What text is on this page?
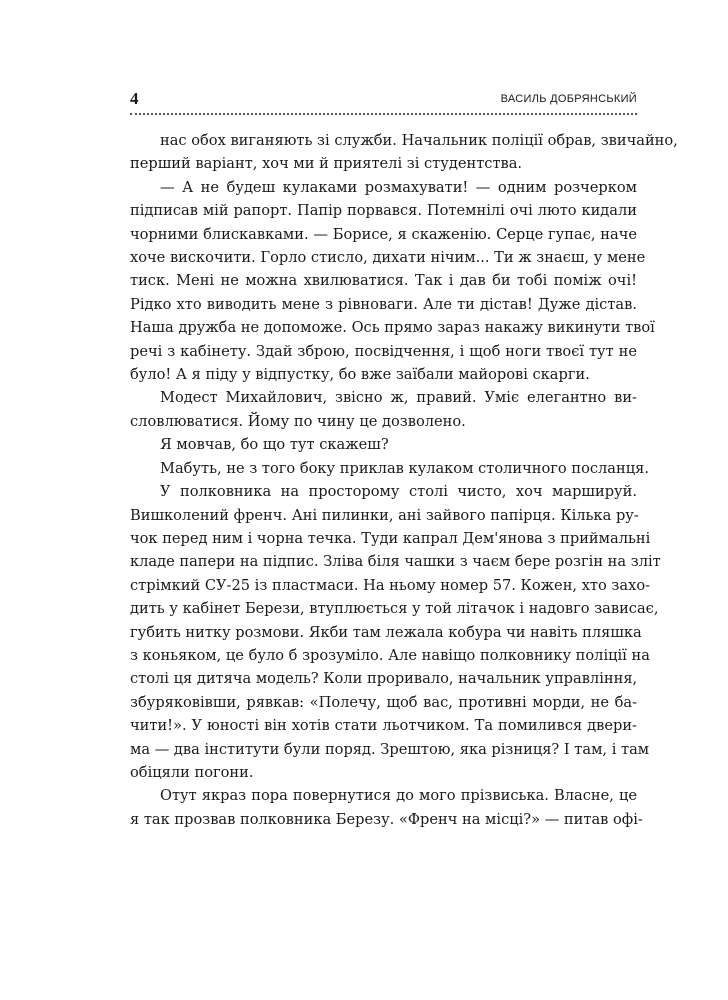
4	ВАСИЛЬ ДОБРЯНСЬКИЙ
нас обох виганяють зі служби. Начальник поліції обрав, звичайно,
перший варіант, хоч ми й приятелі зі студентства.
— А не будеш кулаками розмахувати! — одним розчерком
підписав мій рапорт. Папір порвався. Потемнілі очі люто кидали
чорними блискавками. — Борисе, я скаженію. Серце гупає, наче
хоче вискочити. Горло стисло, дихати нічим... Ти ж знаєш, у мене
тиск. Мені не можна хвилюватися. Так і дав би тобі поміж очі!
Рідко хто виводить мене з рівноваги. Але ти дістав! Дуже дістав.
Наша дружба не допоможе. Ось прямо зараз накажу викинути твої
речі з кабінету. Здай зброю, посвідчення, і щоб ноги твоєї тут не
було! А я піду у відпустку, бо вже заїбали майорові скарги.
Модест Михайлович, звісно ж, правий. Уміє елегантно ви-
словлюватися. Йому по чину це дозволено.
Я мовчав, бо що тут скажеш?
Мабуть, не з того боку приклав кулаком столичного посланця.
У полковника на просторому столі чисто, хоч маршируй.
Вишколений френч. Ані пилинки, ані зайвого папірця. Кілька ру-
чок перед ним і чорна течка. Туди капрал Дем'янова з приймальні
кладе папери на підпис. Зліва біля чашки з чаєм бере розгін на зліт
стрімкий СУ-25 із пластмаси. На ньому номер 57. Кожен, хто захо-
дить у кабінет Берези, втуплюється у той літачок і надовго зависає,
губить нитку розмови. Якби там лежала кобура чи навіть пляшка
з коньяком, це було б зрозуміло. Але навіщо полковнику поліції на
столі ця дитяча модель? Коли проривало, начальник управління,
збуряковівши, рявкав: «Полечу, щоб вас, противні морди, не ба-
чити!». У юності він хотів стати льотчиком. Та помилився двери-
ма — два інститути були поряд. Зрештою, яка різниця? І там, і там
обіцяли погони.
Отут якраз пора повернутися до мого прізвиська. Власне, це
я так прозвав полковника Березу. «Френч на місці?» — питав офі-
